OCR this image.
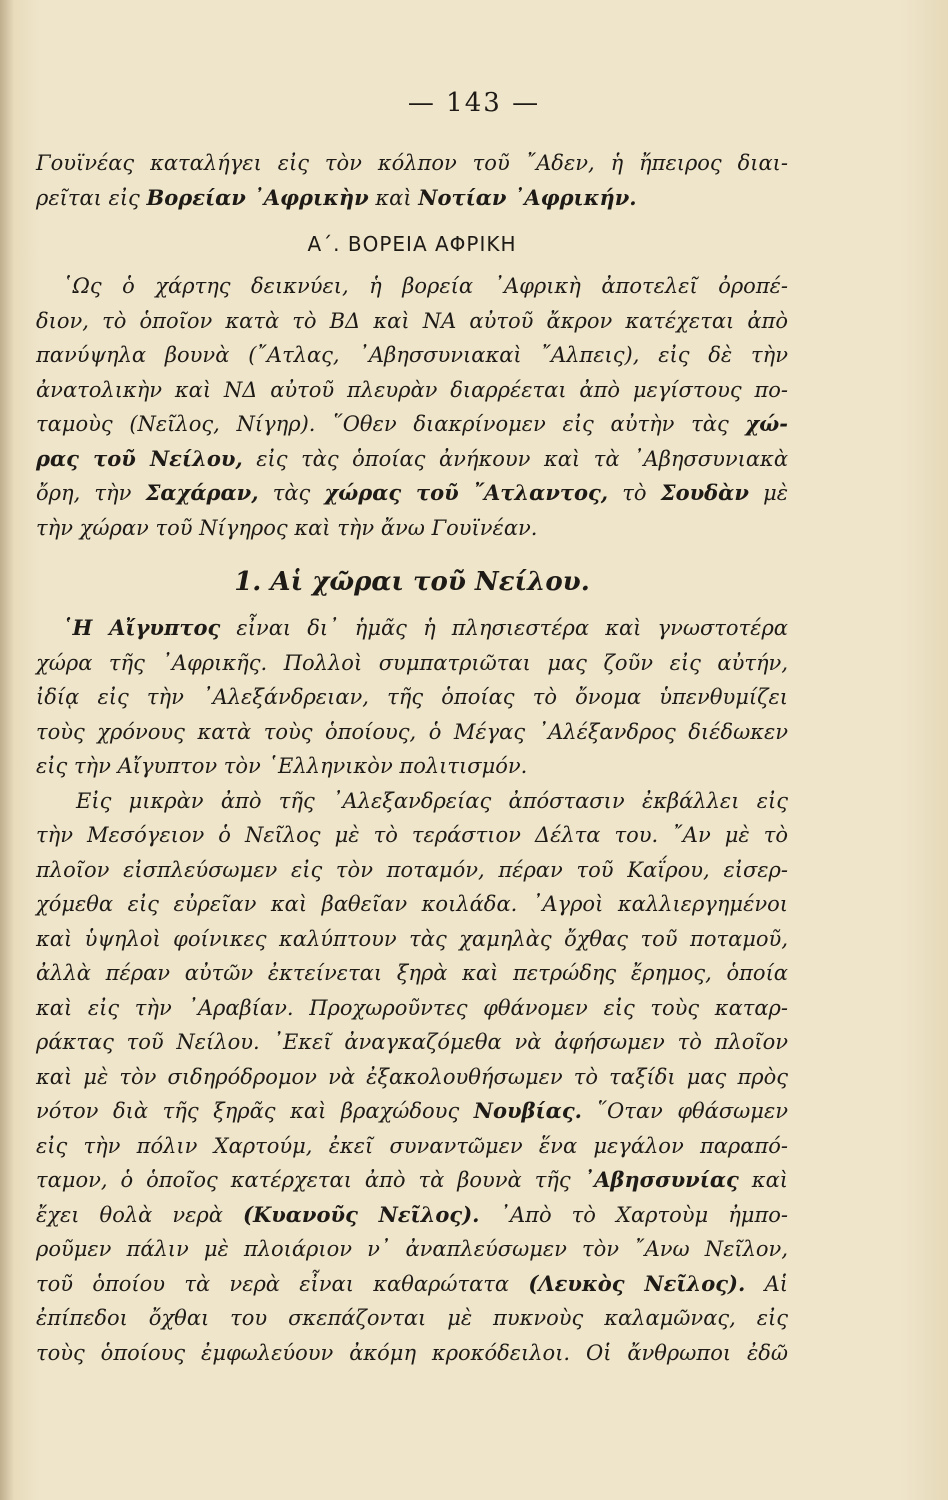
— 143 —
Γουϊνέας καταλήγει εἰς τὸν κόλπον τοῦ ῎Αδεν, ἡ ἤπειρος διαι-
ρεῖται εἰς Βορείαν ᾿Αφρικὴν καὶ Νοτίαν ᾿Αφρικήν.
Α΄. ΒΟΡΕΙΑ ΑΦΡΙΚΗ
῾Ως ὁ χάρτης δεικνύει, ἡ βορεία ᾿Αφρικὴ ἀποτελεῖ ὀροπέ-
διον, τὸ ὁποῖον κατὰ τὸ ΒΔ καὶ ΝΑ αὐτοῦ ἄκρον κατέχεται ἀπὸ
πανύψηλα βουνὰ (῎Ατλας, ᾿Αβησσυνιακαὶ ῎Αλπεις), εἰς δὲ τὴν
ἀνατολικὴν καὶ ΝΔ αὐτοῦ πλευρὰν διαρρέεται ἀπὸ μεγίστους πο-
ταμοὺς (Νεῖλος, Νίγηρ). ῞Οθεν διακρίνομεν εἰς αὐτὴν τὰς χώ-
ρας τοῦ Νείλου, εἰς τὰς ὁποίας ἀνήκουν καὶ τὰ ᾿Αβησσυνιακὰ
ὄρη, τὴν Σαχάραν, τὰς χώρας τοῦ ῎Ατλαντος, τὸ Σουδὰν μὲ
τὴν χώραν τοῦ Νίγηρος καὶ τὴν ἄνω Γουϊνέαν.
1. Αἱ χῶραι τοῦ Νείλου.
῾Η Αἴγυπτος εἶναι δι᾿ ἡμᾶς ἡ πλησιεστέρα καὶ γνωστοτέρα
χώρα τῆς ᾿Αφρικῆς. Πολλοὶ συμπατριῶται μας ζοῦν εἰς αὐτήν,
ἰδίᾳ εἰς τὴν ᾿Αλεξάνδρειαν, τῆς ὁποίας τὸ ὄνομα ὑπενθυμίζει
τοὺς χρόνους κατὰ τοὺς ὁποίους, ὁ Μέγας ᾿Αλέξανδρος διέδωκεν
εἰς τὴν Αἴγυπτον τὸν ῾Ελληνικὸν πολιτισμόν.
Εἰς μικρὰν ἀπὸ τῆς ᾿Αλεξανδρείας ἀπόστασιν ἐκβάλλει εἰς
τὴν Μεσόγειον ὁ Νεῖλος μὲ τὸ τεράστιον Δέλτα του. ῎Αν μὲ τὸ
πλοῖον εἰσπλεύσωμεν εἰς τὸν ποταμόν, πέραν τοῦ Καΐρου, εἰσερ-
χόμεθα εἰς εὐρεῖαν καὶ βαθεῖαν κοιλάδα. ᾿Αγροὶ καλλιεργημένοι
καὶ ὑψηλοὶ φοίνικες καλύπτουν τὰς χαμηλὰς ὄχθας τοῦ ποταμοῦ,
ἀλλὰ πέραν αὐτῶν ἐκτείνεται ξηρὰ καὶ πετρώδης ἔρημος, ὁποία
καὶ εἰς τὴν ᾿Αραβίαν. Προχωροῦντες φθάνομεν εἰς τοὺς καταρ-
ράκτας τοῦ Νείλου. ᾿Εκεῖ ἀναγκαζόμεθα νὰ ἀφήσωμεν τὸ πλοῖον
καὶ μὲ τὸν σιδηρόδρομον νὰ ἐξακολουθήσωμεν τὸ ταξίδι μας πρὸς
νότον διὰ τῆς ξηρᾶς καὶ βραχώδους Νουβίας. ῞Οταν φθάσωμεν
εἰς τὴν πόλιν Χαρτούμ, ἐκεῖ συναντῶμεν ἕνα μεγάλον παραπό-
ταμον, ὁ ὁποῖος κατέρχεται ἀπὸ τὰ βουνὰ τῆς ᾿Αβησσυνίας καὶ
ἔχει θολὰ νερὰ (Κυανοῦς Νεῖλος). ᾿Απὸ τὸ Χαρτοὺμ ἠμπο-
ροῦμεν πάλιν μὲ πλοιάριον ν᾿ ἀναπλεύσωμεν τὸν ῎Ανω Νεῖλον,
τοῦ ὁποίου τὰ νερὰ εἶναι καθαρώτατα (Λευκὸς Νεῖλος). Αἱ
ἐπίπεδοι ὄχθαι του σκεπάζονται μὲ πυκνοὺς καλαμῶνας, εἰς
τοὺς ὁποίους ἐμφωλεύουν ἀκόμη κροκόδειλοι. Οἱ ἄνθρωποι ἐδῶ
